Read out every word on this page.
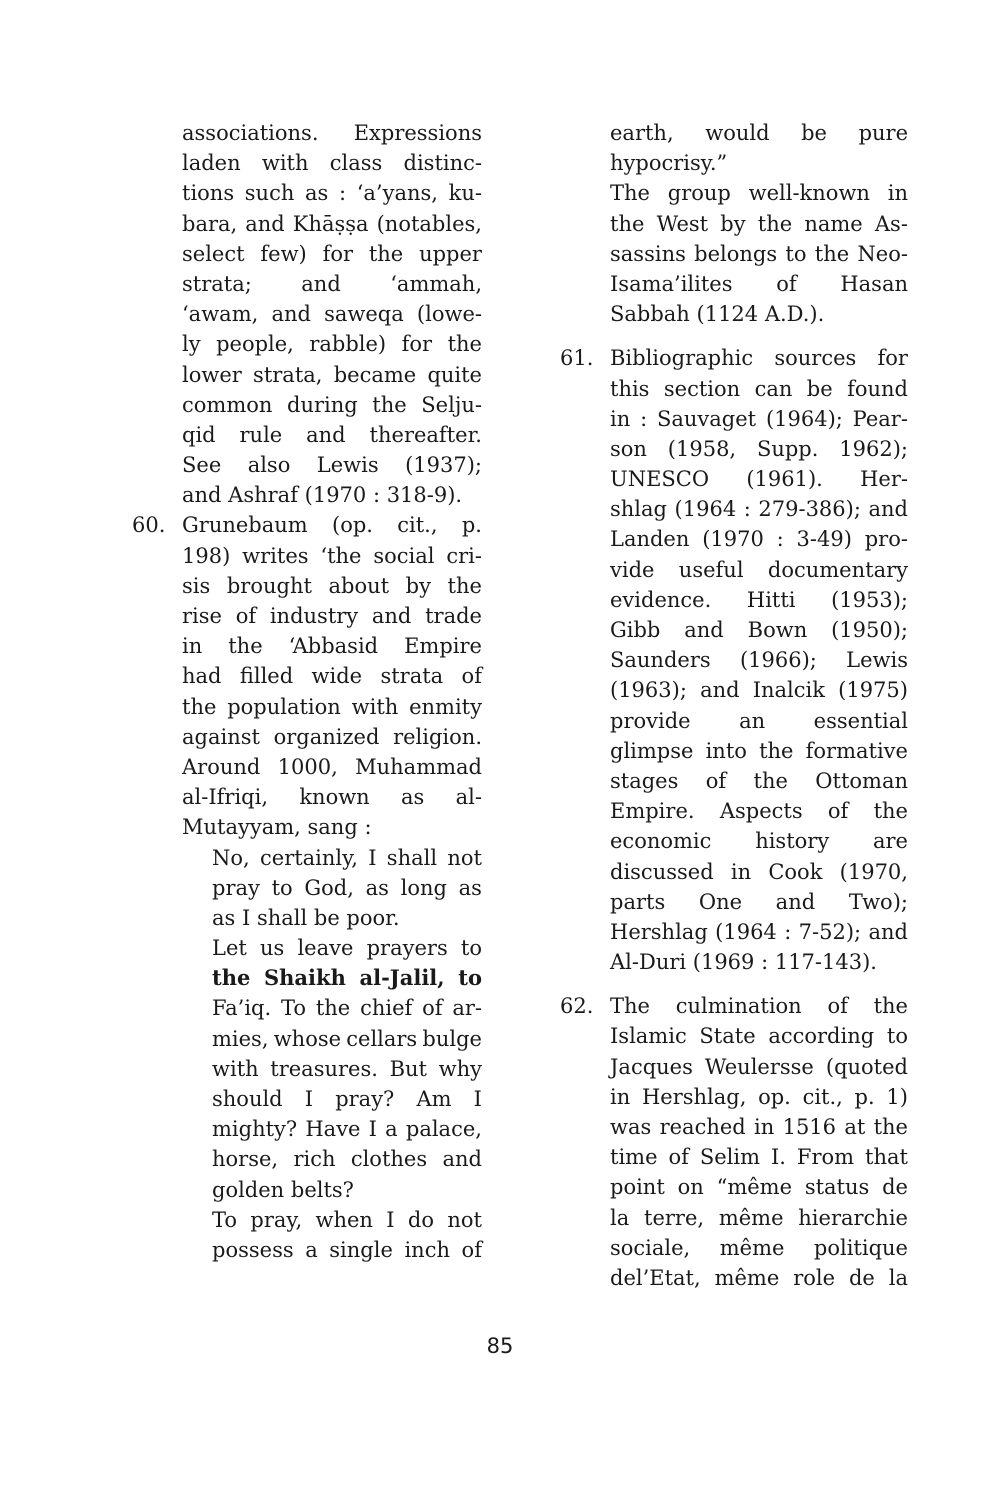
associations. Expressions
laden with class distinc-
tions such as : ‘a’yans, ku-
bara, and Khāṣṣa (notables,
select few) for the upper
strata; and ‘ammah,
‘awam, and saweqa (lowe-
ly people, rabble) for the
lower strata, became quite
common during the Selju-
qid rule and thereafter.
See also Lewis (1937);
and Ashraf (1970 : 318-9).
60. Grunebaum (op. cit., p.
198) writes ‘the social cri-
sis brought about by the
rise of industry and trade
in the ‘Abbasid Empire
had filled wide strata of
the population with enmity
against organized religion.
Around 1000, Muhammad
al-Ifriqi, known as al-
Mutayyam, sang :
No, certainly, I shall not
pray to God, as long as
as I shall be poor.
Let us leave prayers to
the Shaikh al-Jalil, to
Fa’iq. To the chief of ar-
mies, whose cellars bulge
with treasures. But why
should I pray? Am I
mighty? Have I a palace,
horse, rich clothes and
golden belts?
To pray, when I do not
possess a single inch of
earth, would be pure
hypocrisy.”
The group well-known in
the West by the name As-
sassins belongs to the Neo-
Isama’ilites of Hasan
Sabbah (1124 A.D.).
61. Bibliographic sources for
this section can be found
in : Sauvaget (1964); Pear-
son (1958, Supp. 1962);
UNESCO (1961). Her-
shlag (1964 : 279-386); and
Landen (1970 : 3-49) pro-
vide useful documentary
evidence. Hitti (1953);
Gibb and Bown (1950);
Saunders (1966); Lewis
(1963); and Inalcik (1975)
provide an essential
glimpse into the formative
stages of the Ottoman
Empire. Aspects of the
economic history are
discussed in Cook (1970,
parts One and Two);
Hershlag (1964 : 7-52); and
Al-Duri (1969 : 117-143).
62. The culmination of the
Islamic State according to
Jacques Weulersse (quoted
in Hershlag, op. cit., p. 1)
was reached in 1516 at the
time of Selim I. From that
point on “même status de
la terre, même hierarchie
sociale, même politique
del’Etat, même role de la
85
